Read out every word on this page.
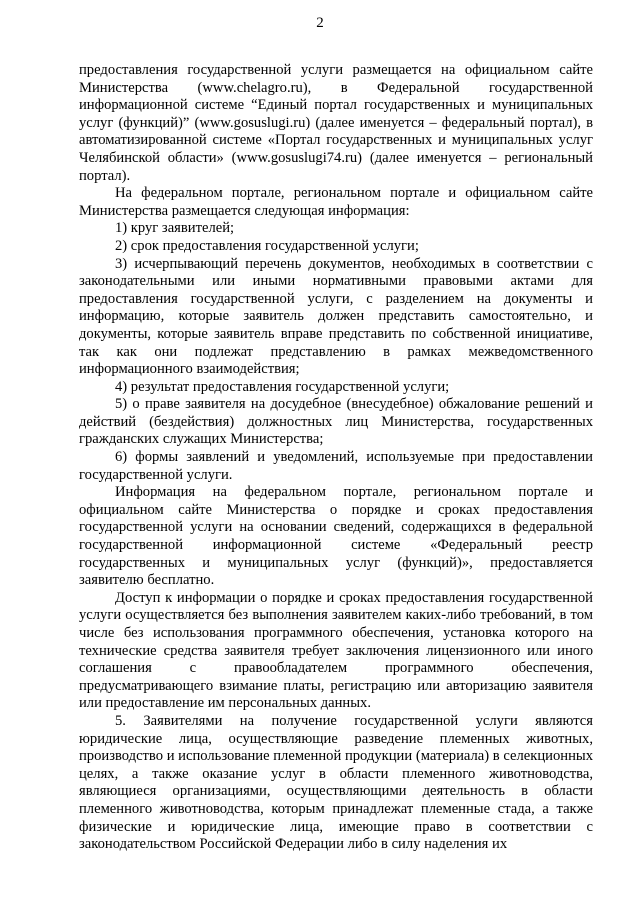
2

предоставления государственной услуги размещается на официальном сайте Министерства (www.chelagro.ru), в Федеральной государственной информационной системе “Единый портал государственных и муниципальных услуг (функций)” (www.gosuslugi.ru) (далее именуется – федеральный портал), в автоматизированной системе «Портал государственных и муниципальных услуг Челябинской области» (www.gosuslugi74.ru) (далее именуется – региональный портал).

На федеральном портале, региональном портале и официальном сайте Министерства размещается следующая информация:

1) круг заявителей;

2) срок предоставления государственной услуги;

3) исчерпывающий перечень документов, необходимых в соответствии с законодательными или иными нормативными правовыми актами для предоставления государственной услуги, с разделением на документы и информацию, которые заявитель должен представить самостоятельно, и документы, которые заявитель вправе представить по собственной инициативе, так как они подлежат представлению в рамках межведомственного информационного взаимодействия;

4) результат предоставления государственной услуги;

5) о праве заявителя на досудебное (внесудебное) обжалование решений и действий (бездействия) должностных лиц Министерства, государственных гражданских служащих Министерства;

6) формы заявлений и уведомлений, используемые при предоставлении государственной услуги.

Информация на федеральном портале, региональном портале и официальном сайте Министерства о порядке и сроках предоставления государственной услуги на основании сведений, содержащихся в федеральной государственной информационной системе «Федеральный реестр государственных и муниципальных услуг (функций)», предоставляется заявителю бесплатно.

Доступ к информации о порядке и сроках предоставления государственной услуги осуществляется без выполнения заявителем каких-либо требований, в том числе без использования программного обеспечения, установка которого на технические средства заявителя требует заключения лицензионного или иного соглашения с правообладателем программного обеспечения, предусматривающего взимание платы, регистрацию или авторизацию заявителя или предоставление им персональных данных.

5. Заявителями на получение государственной услуги являются юридические лица, осуществляющие разведение племенных животных, производство и использование племенной продукции (материала) в селекционных целях, а также оказание услуг в области племенного животноводства, являющиеся организациями, осуществляющими деятельность в области племенного животноводства, которым принадлежат племенные стада, а также физические и юридические лица, имеющие право в соответствии с законодательством Российской Федерации либо в силу наделения их
